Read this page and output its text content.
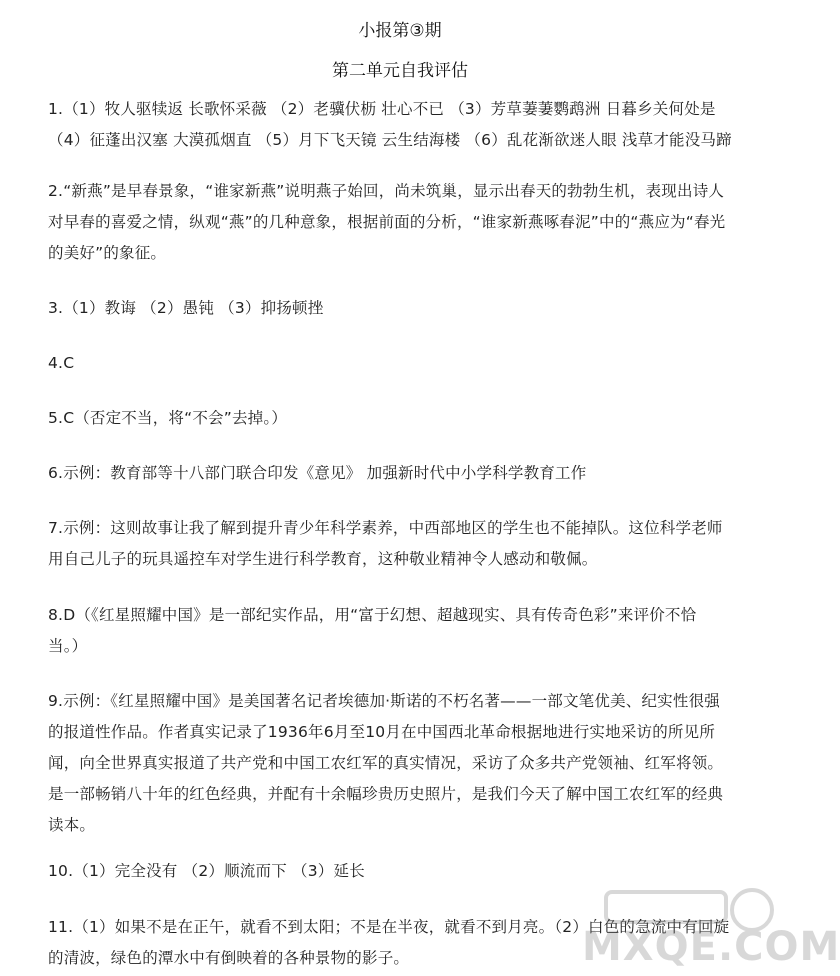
小报第③期
第二单元自我评估
1.（1）牧人驱犊返 长歌怀采薇 （2）老骥伏枥 壮心不已 （3）芳草萋萋鹦鹉洲 日暮乡关何处是
（4）征蓬出汉塞 大漠孤烟直 （5）月下飞天镜 云生结海楼 （6）乱花渐欲迷人眼 浅草才能没马蹄
2.“新燕”是早春景象，“谁家新燕”说明燕子始回，尚未筑巢，显示出春天的勃勃生机，表现出诗人
对早春的喜爱之情，纵观“燕”的几种意象，根据前面的分析，“谁家新燕啄春泥”中的“燕应为“春光
的美好”的象征。
3.（1）教诲 （2）愚钝 （3）抑扬顿挫
4.C
5.C（否定不当，将“不会”去掉。）
6.示例：教育部等十八部门联合印发《意见》 加强新时代中小学科学教育工作
7.示例：这则故事让我了解到提升青少年科学素养，中西部地区的学生也不能掉队。这位科学老师
用自己儿子的玩具遥控车对学生进行科学教育，这种敬业精神令人感动和敬佩。
8.D（《红星照耀中国》是一部纪实作品，用“富于幻想、超越现实、具有传奇色彩”来评价不恰
当。）
9.示例：《红星照耀中国》是美国著名记者埃德加·斯诺的不朽名著——一部文笔优美、纪实性很强
的报道性作品。作者真实记录了1936年6月至10月在中国西北革命根据地进行实地采访的所见所
闻，向全世界真实报道了共产党和中国工农红军的真实情况，采访了众多共产党领袖、红军将领。
是一部畅销八十年的红色经典，并配有十余幅珍贵历史照片，是我们今天了解中国工农红军的经典
读本。
10.（1）完全没有 （2）顺流而下 （3）延长
11.（1）如果不是在正午，就看不到太阳；不是在半夜，就看不到月亮。（2）白色的急流中有回旋
的清波，绿色的潭水中有倒映着的各种景物的影子。	MXQE.COM
